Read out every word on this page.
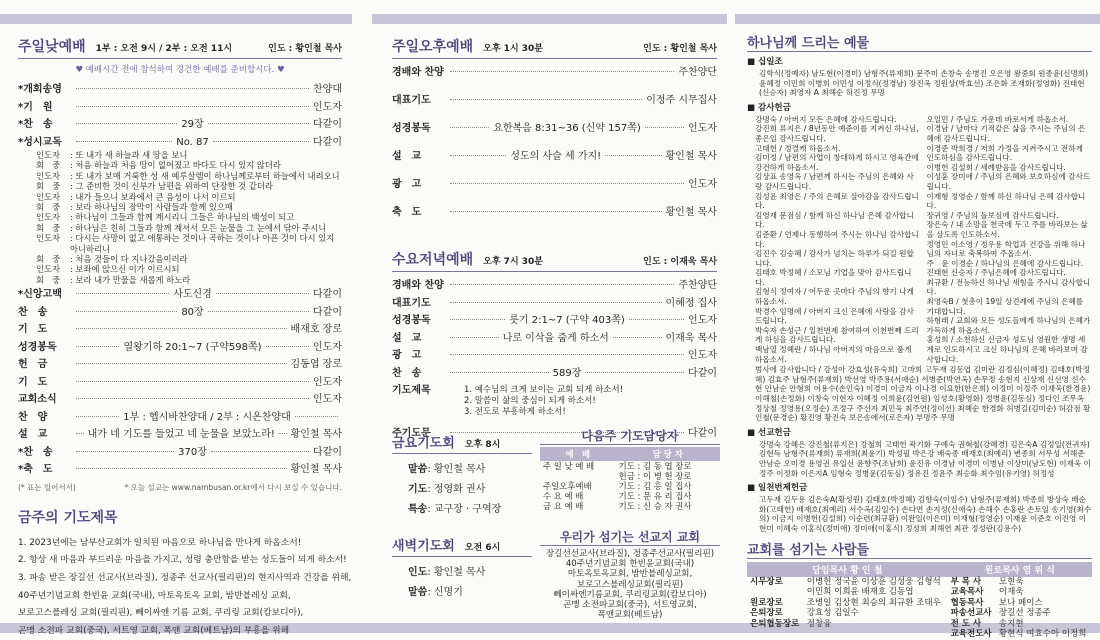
주일낮예배 1부 : 오전 9시 / 2부 : 오전 11시	인도 : 황인철 목사
♥ 예배시간 전에 참석하여 경건한 예배를 준비합시다. ♥
*개회송영	찬양대
*기　원	인도자
*찬　송	29장	다같이
*성시교독	No. 87	다같이
인도자	: 또 내가 새 하늘과 새 땅을 보니
회　중	: 처음 하늘과 처음 땅이 없어졌고 바다도 다시 있지 않더라
인도자	: 또 내가 보매 거룩한 성 새 예루살렘이 하나님께로부터 하늘에서 내려오니
회　중	: 그 준비한 것이 신부가 남편을 위하여 단장한 것 같더라
인도자	: 내가 들으니 보좌에서 큰 음성이 나서 이르되
회　중	: 보라 하나님의 장막이 사람들과 함께 있으매
인도자	: 하나님이 그들과 함께 계시리니 그들은 하나님의 백성이 되고
회　중	: 하나님은 친히 그들과 함께 계셔서 모든 눈물을 그 눈에서 닦아 주시니
인도자	: 다시는 사망이 없고 애통하는 것이나 곡하는 것이나 아픈 것이 다시 있지 아니하리니
회　중	: 처음 것들이 다 지나갔음이러라
인도자	: 보좌에 앉으신 이가 이르시되
회　중	: 보라 내가 만물을 새롭게 하노라
*신앙고백	사도신경	다같이
찬　송	80장	다같이
기　도	배재호 장로
성경봉독	열왕기하 20:1~7 (구약598쪽)	인도자
헌　금	김동엽 장로
기　도	인도자
교회소식	인도자
찬　양	1부 : 헵시바찬양대 / 2부 : 시온찬양대
설　교	내가 네 기도를 들었고 네 눈물을 보았노라! 황인철 목사
*찬　송	370장	다같이
*축　도	황인철 목사
(* 표는 일어서서)	* 오늘 설교는 www.nambusan.or.kr에서 다시 보실 수 있습니다.
금주의 기도제목
1. 2023년에는 남부산교회가 일치된 마음으로 하나님을 만나게 하옵소서!
2. 항상 새 마음과 부드러운 마음을 가지고, 성령 충만함을 받는 성도들이 되게 하소서!
3. 파송 받은 장길선 선교사(브라질), 정종주 선교사(필리핀)의 현지사역과 건강을 위해,
40주년기념교회 한빈윤 교회(국내), 마토옥토옥 교회, 밤반블레싱 교회,
보로고스플레싱 교회(필리핀), 뻬이싸엔 기름 교회, 쿠리링 교회(캄보디아),
곤맹 소전파 교회(중국), 서트영 교회, 폭앤 교회(베트남)의 부흥을 위해
주일오후예배 오후 1시 30분	인도 : 황인철 목사
경배와 찬양	주찬양단
대표기도	이정주 시무집사
성경봉독	요한복음 8:31~36 (신약 157쪽)	인도자
설　교	성도의 사슬 세 가지!	황인철 목사
광　고	인도자
축　도	황인철 목사
수요저녁예배 오후 7시 30분	인도 : 이재욱 목사
경배와 찬양	주찬양단
대표기도	이혜정 집사
성경봉독	룻기 2:1~7 (구약 403쪽)	인도자
설　교	나로 이삭을 줍게 하소서	이재욱 목사
광　고	인도자
찬　송	589장	다같이
기도제목	1. 예수님의 크게 보이는 교회 되게 하소서!
2. 말씀이 삶의 중심이 되게 하소서!
3. 전도로 부흥하게 하소서!
주기도문	다같이
금요기도회 오후 8시
말씀: 황인철 목사
기도: 정영화 권사
특송: 교구장 · 구역장
새벽기도회 오전 6시
인도: 황인철 목사
말씀: 신명기
다음주 기도담당자
예　배	담 당 자
주 일 낮 예 배	기도 : 김 동 엽 장로
	헌금 : 이 병 헌 장로
주일오후예배	기도 : 김 홍 일 집사
수 요 예 배	기도 : 문 유 리 집사
금 요 예 배	기도 : 신 승 자 권사
우리가 섬기는 선교지 교회
장길선선교사(브라질), 정종주선교사(필리핀)
40주년기념교회 한빈윤교회(국내)
마토옥토옥교회, 밤반블레싱교회,
보로고스블레싱교회(필리핀)
뻬이싸엔기름교회, 쿠리링교회(캄보디아)
곤맹 소전파교회(중국), 서트영교회,
폭앤교회(베트남)
하나님께 드리는 예물
■ 십일조
김학식(정예자) 남도현(이경미) 남형주(류재희) 문주미 손창숙 송병진 오은영 왕중회 원종윤(신명희) 윤혜정 이민희 이병희 이민성 이정식(정경남) 장진옥 정원상(박효선) 조은화 조재화(정영화) 진태현(신승자) 최영자 A 최해순 허진정 무명
■ 감사헌금
강명숙 / 아버지 모든 은혜에 감사드립니다.
강진희 류지은 / 8년동안 예준이를 지켜신 하나님, 좋은일 감사드립니다.
고태헌 / 정결케 하옵소서.
김미정 / 남편의 사업이 창대하게 하시고 영육간에 강건하게 하옵소서.
김상표 송영옥 / 남편께 하시는 주님의 은혜와 사랑 감사드립니다.
김성윤 최영은 / 주의 은혜로 살아감을 감사드립니다.
김영재 문점심 / 함께 하신 하나님 은혜 감사합니다.
김준환 / 언제나 동행하여 주시는 하나님 감사합니다.
김진수 김승혜 / 감사가 넘치는 하루가 되길 원합니다.
김태호 박정혜 / 소모님 기업을 맞아 감사드립니다.
김형식 정여자 / 어두운 곳마다 주님의 향기 나게 하옵소서.
박경수 임명애 / 아버지 크신 은혜에 사랑을 감사드립니다.
박숙자 손성근 / 일천번제 참여하여 이천번째 드리게 하심을 감사드립니다.
백남열 정혜란 / 하나님 아버지의 마음으로 품게 하옵소서.
오일민 / 주님도 가운데 바로서게 하옵소서.
이경남 / 날마다 기적같은 삶을 주시는 주님의 은혜에 감사드립니다.
이경준 박희경 / 저희 가정을 지켜주시고 전하게 인도하심을 감사드립니다.
이병헌 김설희 / 세례받음을 감사드립니다.
이성훈 장미애 / 주님의 은혜와 보호하심에 감사드립니다.
이재형 정영순 / 함께 하신 하나님 은혜 감사합니다.
장귀영 / 주님의 돌보심에 감사드립니다.
장은숙 / 내 소망을 천국에 두고 주를 바라보는 삶을 살도록 인도하소서.
정영민 이소영 / 정우용 학업과 건강을 위해 하나님의 자녀로 축복하여 주옵소서.
주　윤 이경순 / 하나님의 은혜에 감사드립니다.
진태현 신승자 / 주님은혜에 감사드립니다.
최규환 / 전능하신 하나님 새힘을 주시니 감사합니다.
최영숙B / 첫총이 19일 상견례에 주님의 은혜를 기대합니다.
하형래 / 교회와 모든 성도들에게 하나님의 은혜가 가득하게 하옵소서.
홍성희 / 소천하신 신금자 성도님 영원한 생명 세계로 인도하시고 크신 하나님의 은혜 바라보며 감사합니다.
범사에 감사합니다 / 강성아 강효성(유숙희) 고마희 고두재 김동엽 김미란 김정심(이혜정) 김태호(박정혜) 김효주 남형주(류재희) 박선영 박주용(서애순) 서병준(박연옥) 손무정 송현지 신상재 신선영 신수현 안남순 안형희 어용수(손인숙) 이경미 이금자 이나경 이요한(한은희) 이정미 이정주 이재욱(한경윤) 이해철(손정화) 이창숙 이현자 이혜정 이희윤(김연원) 임성호(황영화) 정병윤(김동심) 정다인 조무옥 정상철 정영용(오정순) 조정구 주선자 최민욱 최주연(정이선) 최혜순 한경화 허병길(김미순) 허감점 황인철(문경순) 황진영 황진숙 보은송에서(로은자) 부명주 무명
■ 선교헌금
강명숙 강혜은 강진철(류지은) 강철희 고태헌 곽기화 구예숙 권혁철(강혜경) 김은숙A 김정일(전귀자) 김현득 남형주(류재희) 류재희(최윤기) 박성필 박은강 배숙종 배재호(최예리) 변종희 서무성 서해준 안남순 오미경 용영권 유일선 윤향주(조남희) 윤진유 이경남 이경미 이병남 이상미(남도현) 이재욱 이정주 이정화 이은지A 임형숙 정병윤(김동심) 정유진 정윤주 최승화 최수임(유기영) 허정성
■ 일천번제헌금
고두재 김두용 김은숙A(황성원) 김태호(박정혜) 김향숙(이임수) 남형주(류재희) 박종희 방상숙 배순화(고태헌) 배재호(최예리) 서수옥(김일수) 손다연 손지성(신애숙) 손해수 손홍란 손토일 송기영(최수의) 이금지 이병헌(김설희) 이순련(최규환) 이완일(이은미) 이재형(정영순) 이재윤 이준호 이진영 이현미 이혜숙 이홍식(정미애) 정미애(이홍식) 정성희 최해연 최관 정성란(김용수)
교회를 섬기는 사람들
담임목사 황 인 철		원로목사 염 위 식	
시무장로	이병헌 정국윤 이상훈 김성웅 김형석	부 목 사	모현욱
	이민희 이희윤 배재호 김동엽	교육목사	이재욱
원로장로	조병일 김상현 최승의 최규환 조태우	협동목사	보나 페이스
은퇴장로	강효성 김일수	파송선교사	장길선 정종주
은퇴협동장로	정창융	전 도 사	송지현
		교육전도사	황현식 여효수아 이정희
